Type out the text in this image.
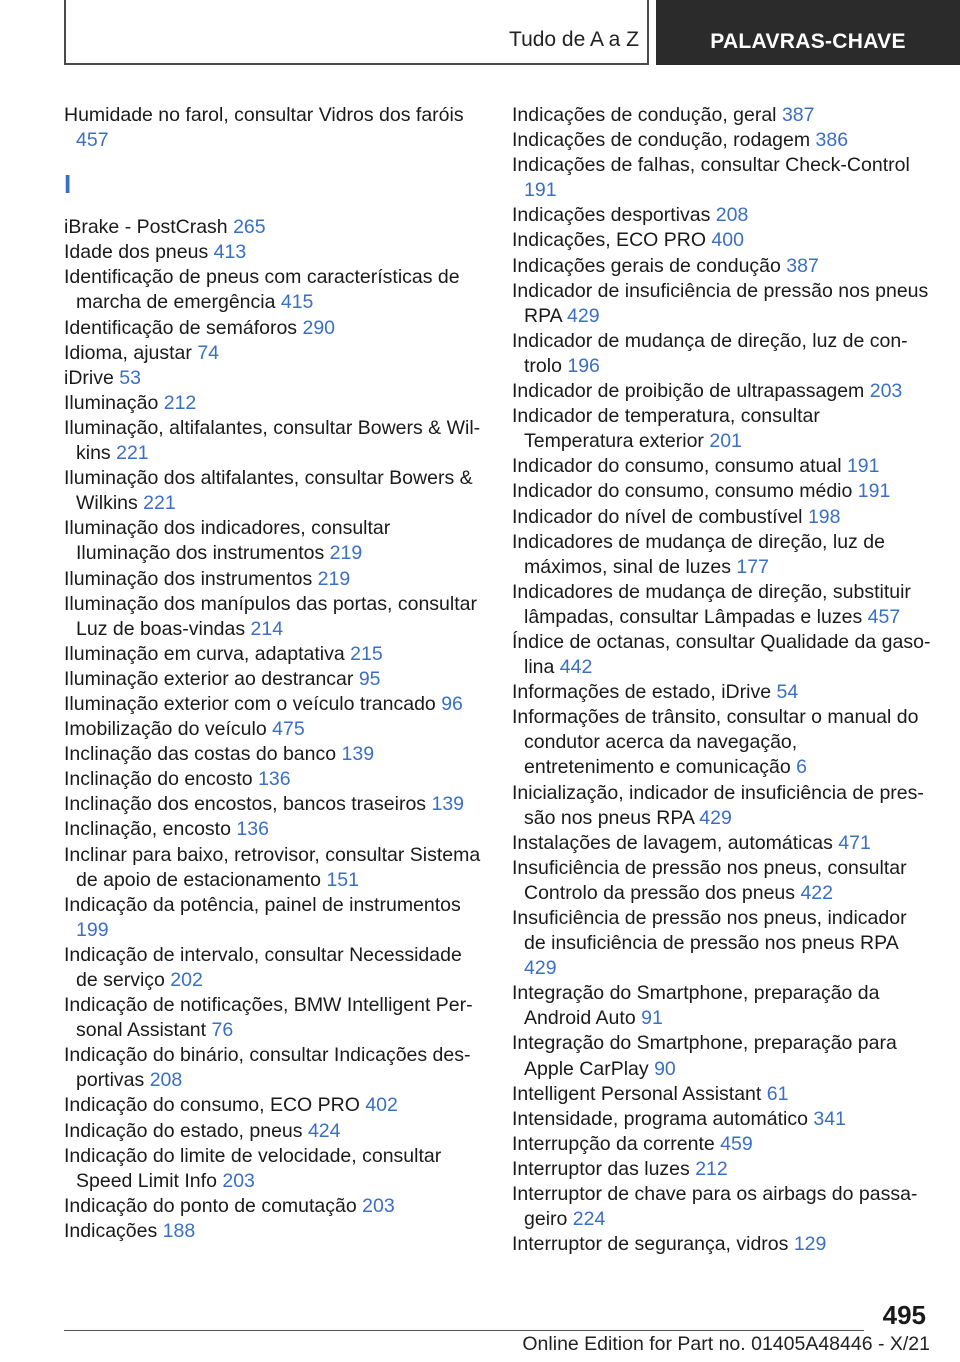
Tudo de A a Z	PALAVRAS-CHAVE
Humidade no farol, consultar Vidros dos faróis 457
I
iBrake - PostCrash 265
Idade dos pneus 413
Identificação de pneus com características de marcha de emergência 415
Identificação de semáforos 290
Idioma, ajustar 74
iDrive 53
Iluminação 212
Iluminação, altifalantes, consultar Bowers & Wilkins 221
Iluminação dos altifalantes, consultar Bowers & Wilkins 221
Iluminação dos indicadores, consultar Iluminação dos instrumentos 219
Iluminação dos instrumentos 219
Iluminação dos manípulos das portas, consultar Luz de boas-vindas 214
Iluminação em curva, adaptativa 215
Iluminação exterior ao destrancar 95
Iluminação exterior com o veículo trancado 96
Imobilização do veículo 475
Inclinação das costas do banco 139
Inclinação do encosto 136
Inclinação dos encostos, bancos traseiros 139
Inclinação, encosto 136
Inclinar para baixo, retrovisor, consultar Sistema de apoio de estacionamento 151
Indicação da potência, painel de instrumentos 199
Indicação de intervalo, consultar Necessidade de serviço 202
Indicação de notificações, BMW Intelligent Personal Assistant 76
Indicação do binário, consultar Indicações desportivas 208
Indicação do consumo, ECO PRO 402
Indicação do estado, pneus 424
Indicação do limite de velocidade, consultar Speed Limit Info 203
Indicação do ponto de comutação 203
Indicações 188
Indicações de condução, geral 387
Indicações de condução, rodagem 386
Indicações de falhas, consultar Check-Control 191
Indicações desportivas 208
Indicações, ECO PRO 400
Indicações gerais de condução 387
Indicador de insuficiência de pressão nos pneus RPA 429
Indicador de mudança de direção, luz de controlo 196
Indicador de proibição de ultrapassagem 203
Indicador de temperatura, consultar Temperatura exterior 201
Indicador do consumo, consumo atual 191
Indicador do consumo, consumo médio 191
Indicador do nível de combustível 198
Indicadores de mudança de direção, luz de máximos, sinal de luzes 177
Indicadores de mudança de direção, substituir lâmpadas, consultar Lâmpadas e luzes 457
Índice de octanas, consultar Qualidade da gasolina 442
Informações de estado, iDrive 54
Informações de trânsito, consultar o manual do condutor acerca da navegação, entretenimento e comunicação 6
Inicialização, indicador de insuficiência de pressão nos pneus RPA 429
Instalações de lavagem, automáticas 471
Insuficiência de pressão nos pneus, consultar Controlo da pressão dos pneus 422
Insuficiência de pressão nos pneus, indicador de insuficiência de pressão nos pneus RPA 429
Integração do Smartphone, preparação da Android Auto 91
Integração do Smartphone, preparação para Apple CarPlay 90
Intelligent Personal Assistant 61
Intensidade, programa automático 341
Interrupção da corrente 459
Interruptor das luzes 212
Interruptor de chave para os airbags do passageiro 224
Interruptor de segurança, vidros 129
495
Online Edition for Part no. 01405A48446 - X/21
